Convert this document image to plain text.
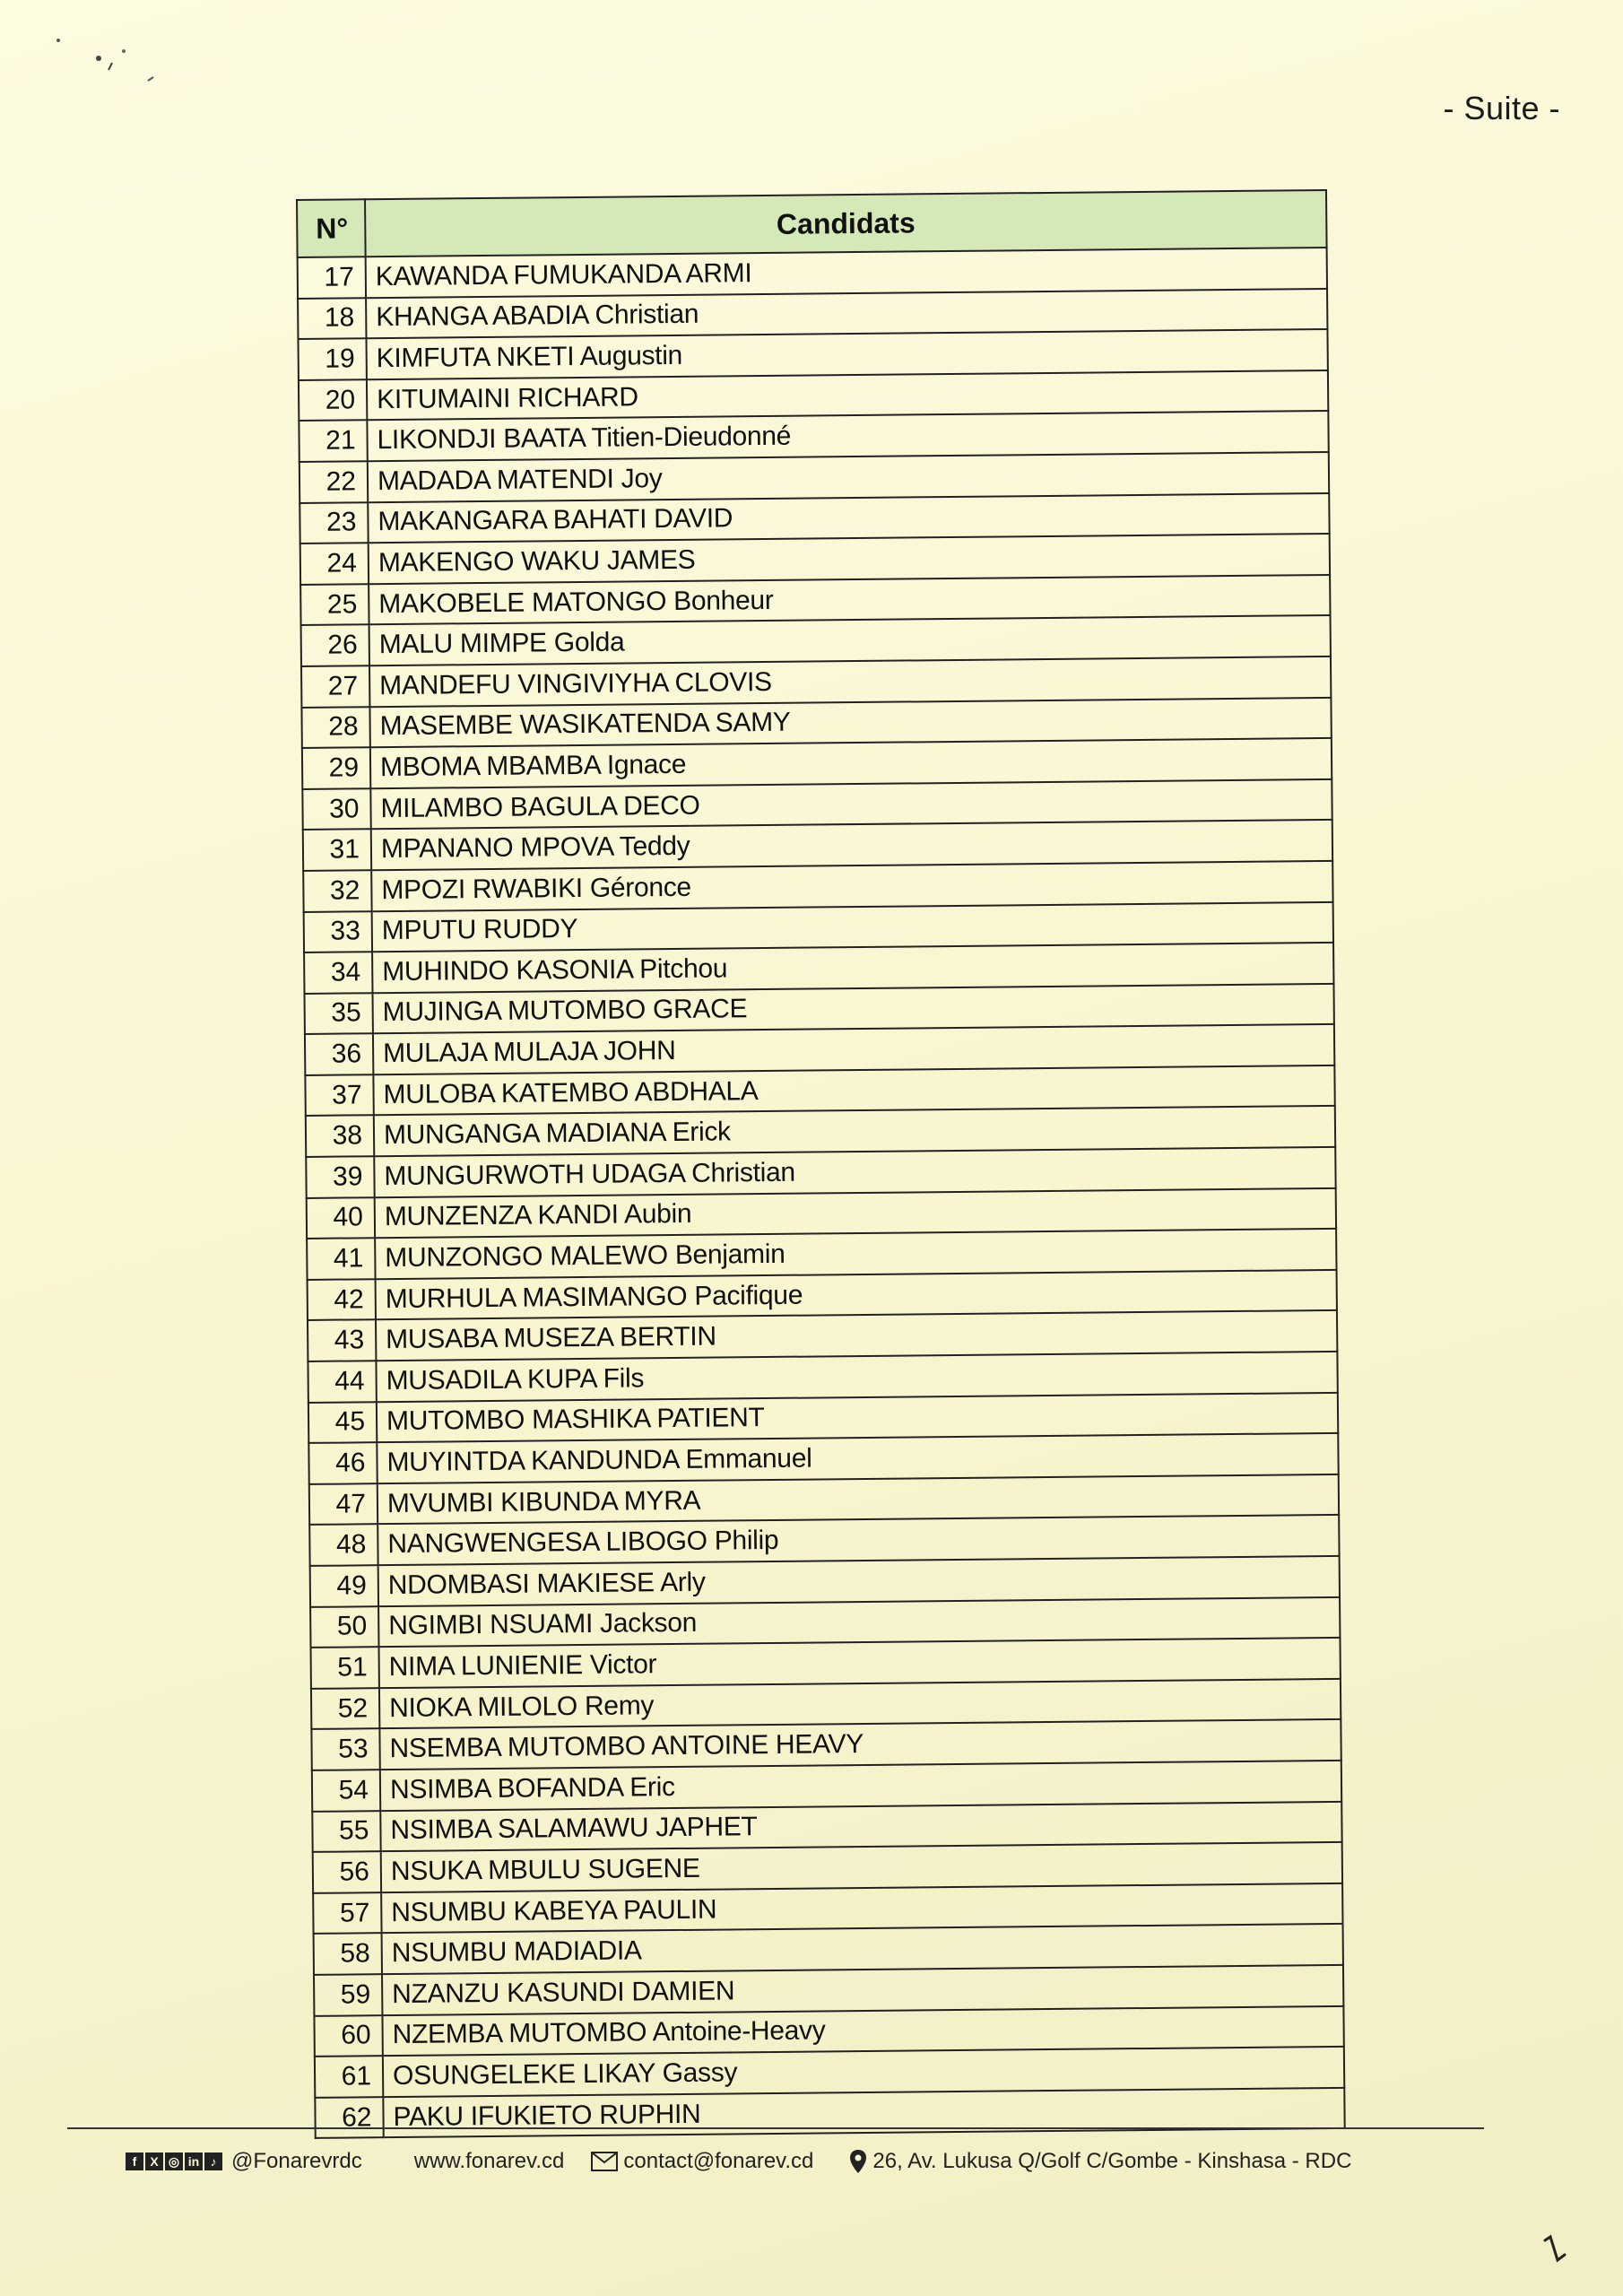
- Suite -
N°	Candidats
17	KAWANDA FUMUKANDA ARMI
18	KHANGA ABADIA Christian
19	KIMFUTA NKETI Augustin
20	KITUMAINI RICHARD
21	LIKONDJI BAATA Titien-Dieudonné
22	MADADA MATENDI Joy
23	MAKANGARA BAHATI DAVID
24	MAKENGO WAKU JAMES
25	MAKOBELE MATONGO Bonheur
26	MALU MIMPE Golda
27	MANDEFU VINGIVIYHA CLOVIS
28	MASEMBE WASIKATENDA SAMY
29	MBOMA MBAMBA Ignace
30	MILAMBO BAGULA DECO
31	MPANANO MPOVA Teddy
32	MPOZI RWABIKI Géronce
33	MPUTU RUDDY
34	MUHINDO KASONIA Pitchou
35	MUJINGA MUTOMBO GRACE
36	MULAJA MULAJA JOHN
37	MULOBA KATEMBO ABDHALA
38	MUNGANGA MADIANA Erick
39	MUNGURWOTH UDAGA Christian
40	MUNZENZA KANDI Aubin
41	MUNZONGO MALEWO Benjamin
42	MURHULA MASIMANGO Pacifique
43	MUSABA MUSEZA BERTIN
44	MUSADILA KUPA Fils
45	MUTOMBO MASHIKA PATIENT
46	MUYINTDA KANDUNDA Emmanuel
47	MVUMBI KIBUNDA MYRA
48	NANGWENGESA LIBOGO Philip
49	NDOMBASI MAKIESE Arly
50	NGIMBI NSUAMI Jackson
51	NIMA LUNIENIE Victor
52	NIOKA MILOLO Remy
53	NSEMBA MUTOMBO ANTOINE HEAVY
54	NSIMBA BOFANDA Eric
55	NSIMBA SALAMAWU JAPHET
56	NSUKA MBULU SUGENE
57	NSUMBU KABEYA PAULIN
58	NSUMBU MADIADIA
59	NZANZU KASUNDI DAMIEN
60	NZEMBA MUTOMBO Antoine-Heavy
61	OSUNGELEKE LIKAY Gassy
62	PAKU IFUKIETO RUPHIN
f	X ◎ in ♪ @Fonarevrdc www.fonarev.cd	contact@fonarev.cd	26, Av. Lukusa Q/Golf C/Gombe - Kinshasa - RDC
